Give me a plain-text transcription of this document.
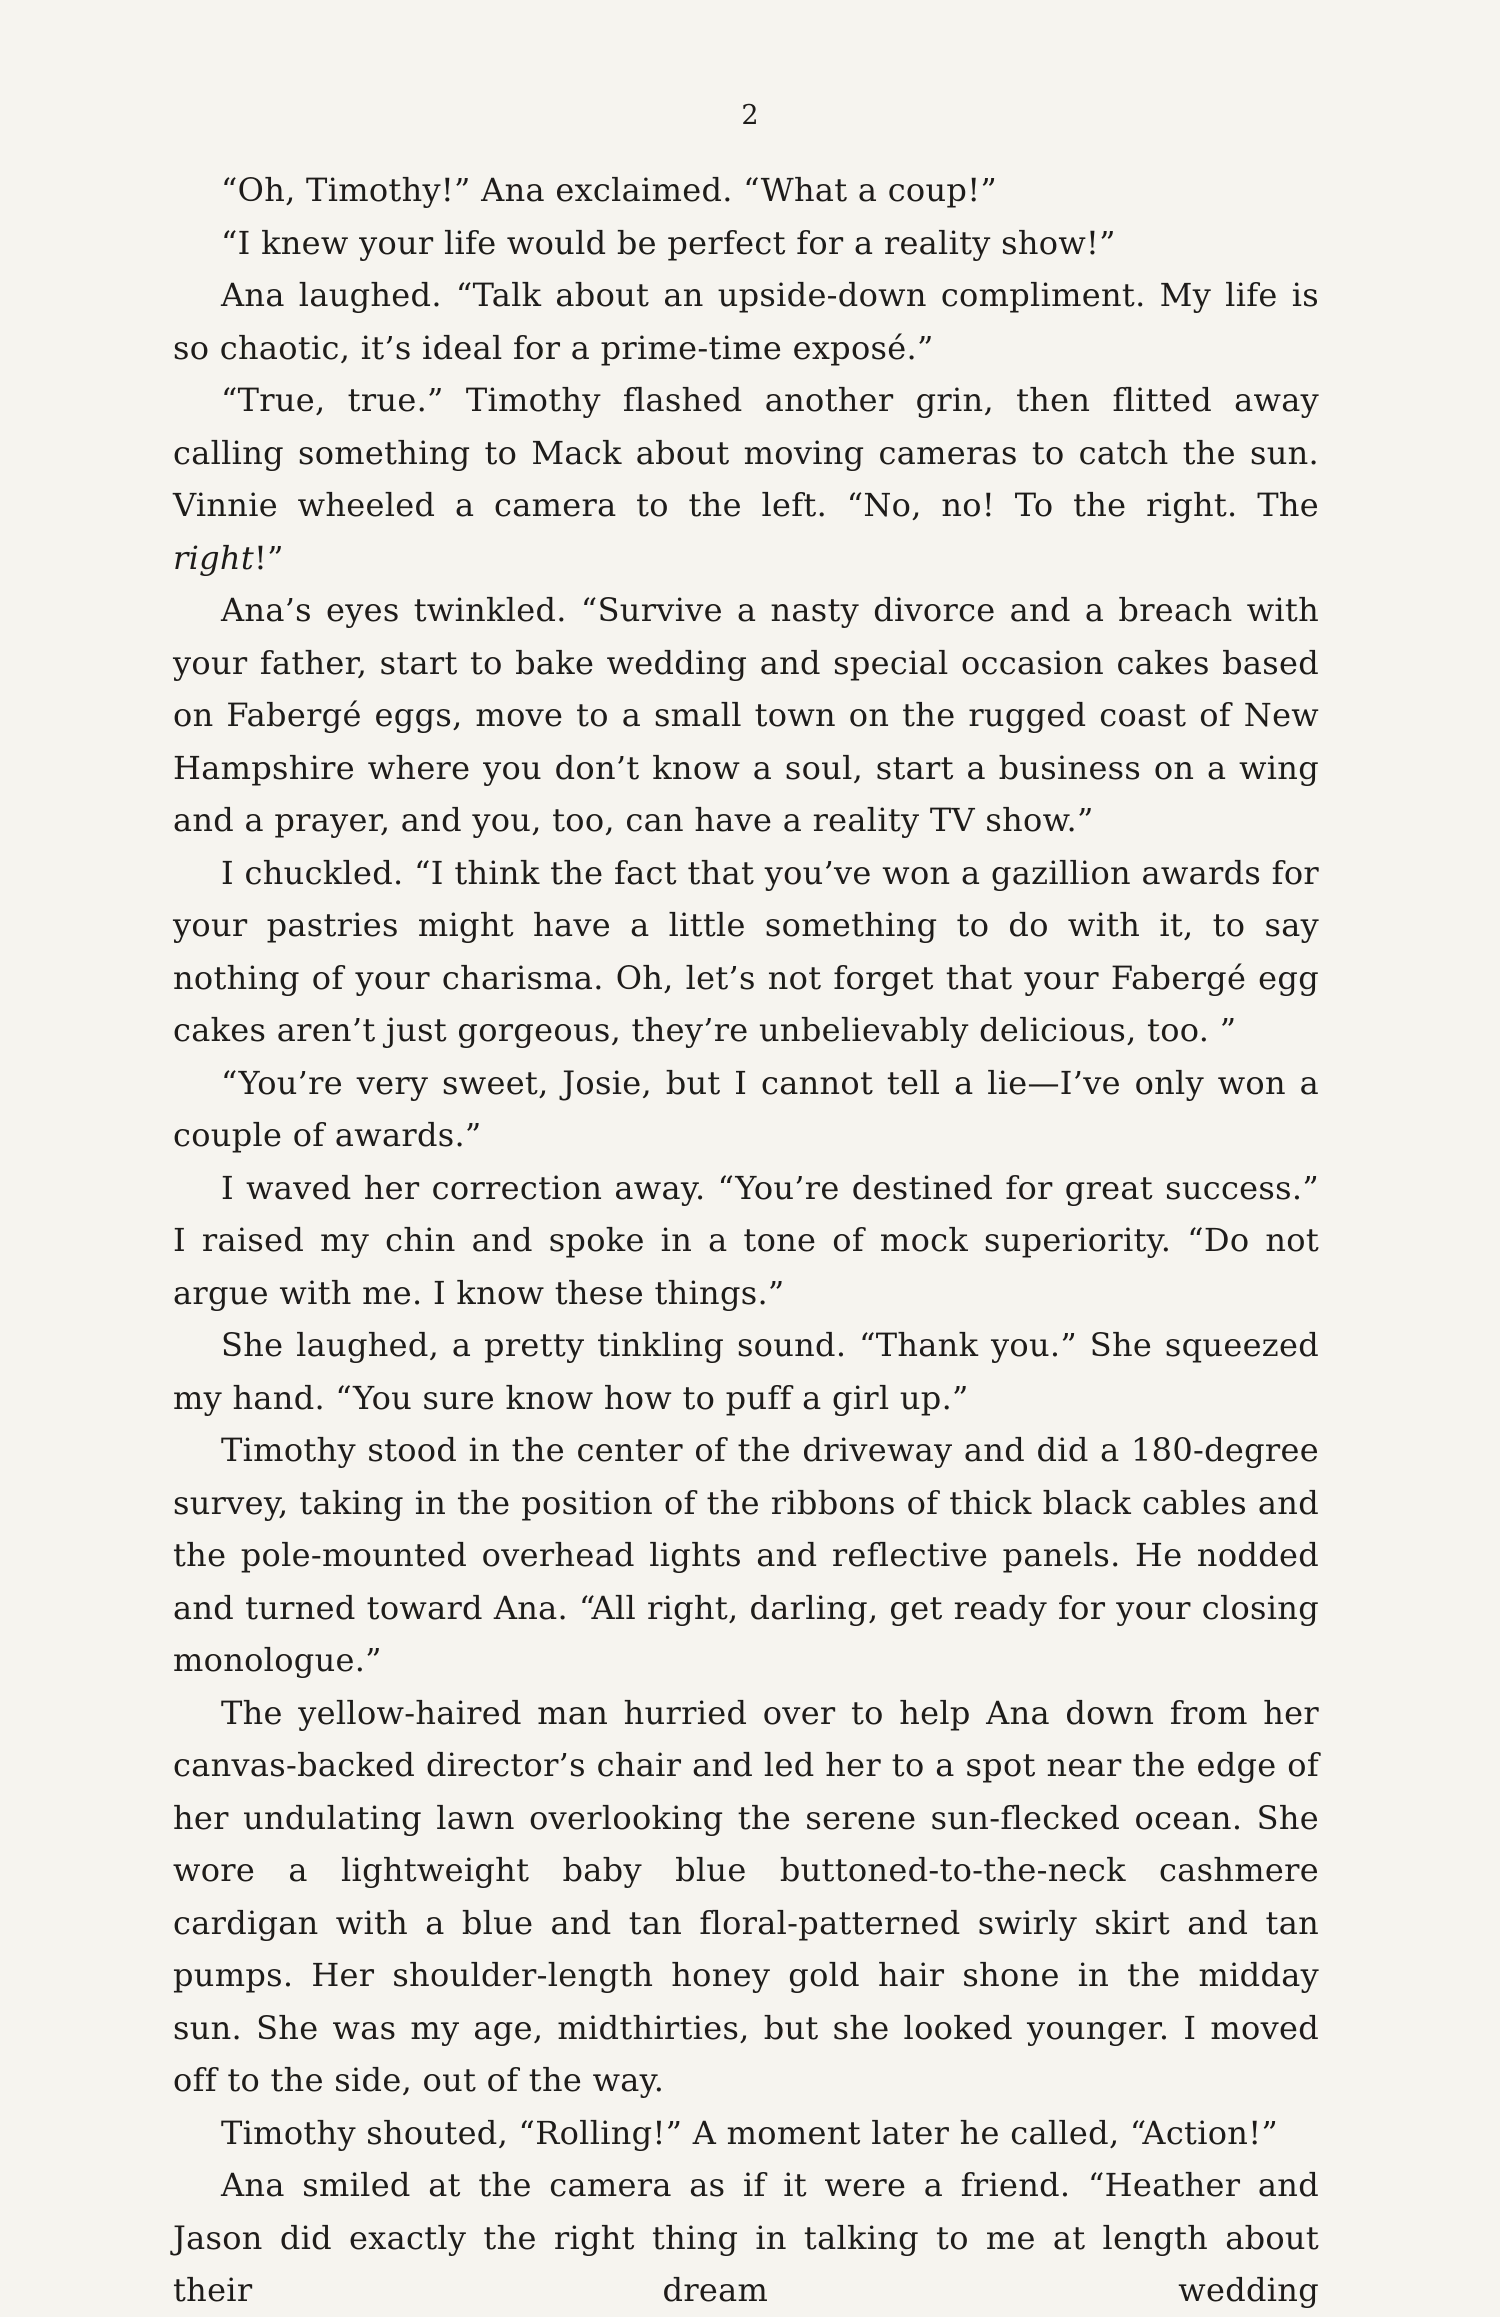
2

“Oh, Timothy!” Ana exclaimed. “What a coup!”

“I knew your life would be perfect for a reality show!”

Ana laughed. “Talk about an upside-down compliment. My life is so chaotic, it’s ideal for a prime-time exposé.”

“True, true.” Timothy flashed another grin, then flitted away calling something to Mack about moving cameras to catch the sun. Vinnie wheeled a camera to the left. “No, no! To the right. The right!”

Ana’s eyes twinkled. “Survive a nasty divorce and a breach with your father, start to bake wedding and special occasion cakes based on Fabergé eggs, move to a small town on the rugged coast of New Hampshire where you don’t know a soul, start a business on a wing and a prayer, and you, too, can have a reality TV show.”

I chuckled. “I think the fact that you’ve won a gazillion awards for your pastries might have a little something to do with it, to say nothing of your charisma. Oh, let’s not forget that your Fabergé egg cakes aren’t just gorgeous, they’re unbelievably delicious, too. ”

“You’re very sweet, Josie, but I cannot tell a lie—I’ve only won a couple of awards.”

I waved her correction away. “You’re destined for great success.” I raised my chin and spoke in a tone of mock superiority. “Do not argue with me. I know these things.”

She laughed, a pretty tinkling sound. “Thank you.” She squeezed my hand. “You sure know how to puff a girl up.”

Timothy stood in the center of the driveway and did a 180-degree survey, taking in the position of the ribbons of thick black cables and the pole-mounted overhead lights and reflective panels. He nodded and turned toward Ana. “All right, darling, get ready for your closing monologue.”

The yellow-haired man hurried over to help Ana down from her canvas-backed director’s chair and led her to a spot near the edge of her undulating lawn overlooking the serene sun-flecked ocean. She wore a lightweight baby blue buttoned-to-the-neck cashmere cardigan with a blue and tan floral-patterned swirly skirt and tan pumps. Her shoulder-length honey gold hair shone in the midday sun. She was my age, midthirties, but she looked younger. I moved off to the side, out of the way.

Timothy shouted, “Rolling!” A moment later he called, “Action!”

Ana smiled at the camera as if it were a friend. “Heather and Jason did exactly the right thing in talking to me at length about their dream wedding
